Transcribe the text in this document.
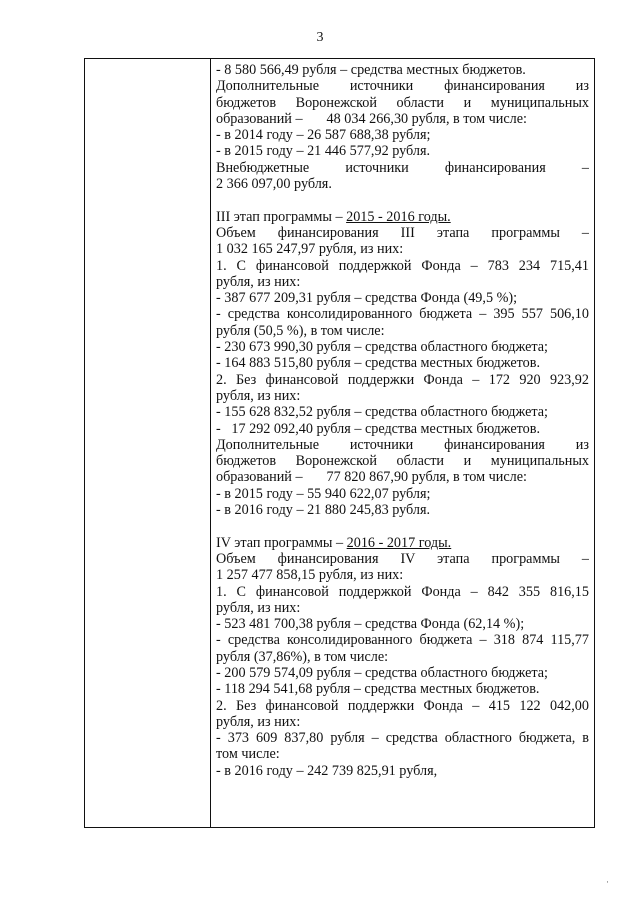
3
- 8 580 566,49 рубля – средства местных бюджетов.
Дополнительные источники финансирования из
бюджетов Воронежской области и муниципальных
образований – 48 034 266,30 рубля, в том числе:
- в 2014 году – 26 587 688,38 рубля;
- в 2015 году – 21 446 577,92 рубля.
Внебюджетные источники финансирования –
2 366 097,00 рубля.
III этап программы – 2015 - 2016 годы.
Объем финансирования III этапа программы –
1 032 165 247,97 рубля, из них:
1. С финансовой поддержкой Фонда – 783 234 715,41
рубля, из них:
- 387 677 209,31 рубля – средства Фонда (49,5 %);
- средства консолидированного бюджета – 395 557 506,10
рубля (50,5 %), в том числе:
- 230 673 990,30 рубля – средства областного бюджета;
- 164 883 515,80 рубля – средства местных бюджетов.
2. Без финансовой поддержки Фонда – 172 920 923,92
рубля, из них:
- 155 628 832,52 рубля – средства областного бюджета;
-   17 292 092,40 рубля – средства местных бюджетов.
Дополнительные источники финансирования из
бюджетов Воронежской области и муниципальных
образований – 77 820 867,90 рубля, в том числе:
- в 2015 году – 55 940 622,07 рубля;
- в 2016 году – 21 880 245,83 рубля.
IV этап программы – 2016 - 2017 годы.
Объем финансирования IV этапа программы –
1 257 477 858,15 рубля, из них:
1. С финансовой поддержкой Фонда – 842 355 816,15
рубля, из них:
- 523 481 700,38 рубля – средства Фонда (62,14 %);
- средства консолидированного бюджета – 318 874 115,77
рубля (37,86%), в том числе:
- 200 579 574,09 рубля – средства областного бюджета;
- 118 294 541,68 рубля – средства местных бюджетов.
2. Без финансовой поддержки Фонда – 415 122 042,00
рубля, из них:
- 373 609 837,80 рубля – средства областного бюджета, в
том числе:
- в 2016 году – 242 739 825,91 рубля,
·
